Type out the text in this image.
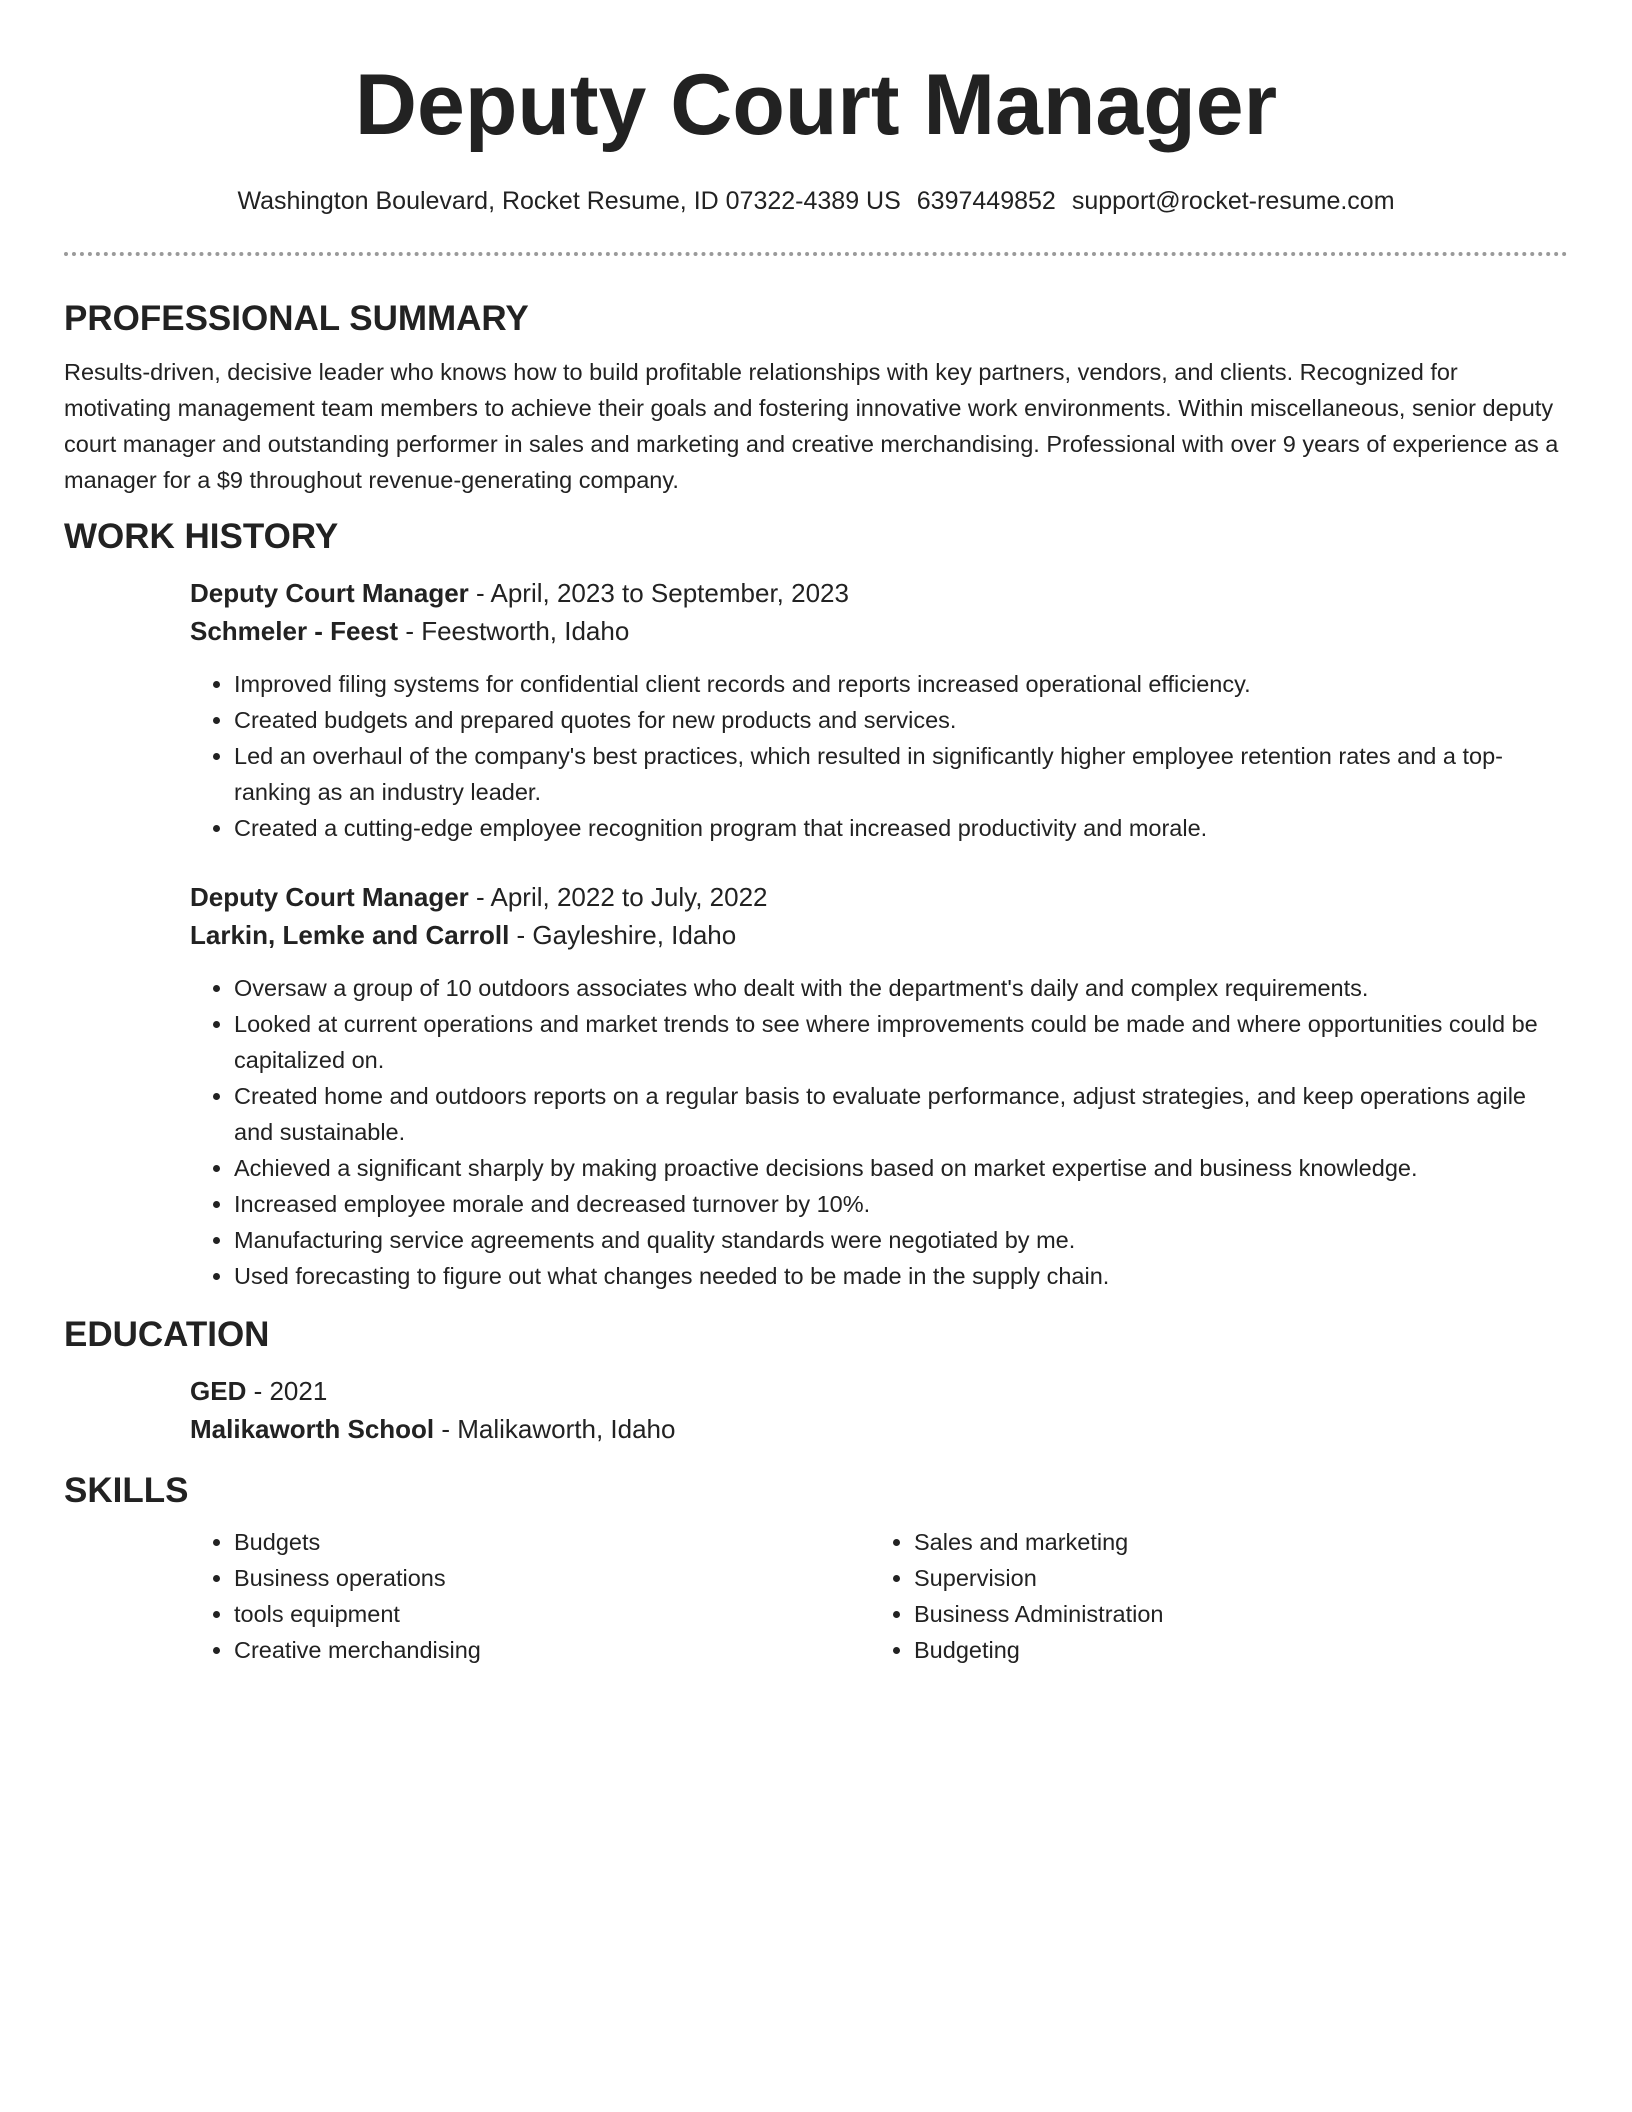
Deputy Court Manager
Washington Boulevard, Rocket Resume, ID 07322-4389 US 6397449852 support@rocket-resume.com
PROFESSIONAL SUMMARY

Results-driven, decisive leader who knows how to build profitable relationships with key partners, vendors, and clients. Recognized for motivating management team members to achieve their goals and fostering innovative work environments. Within miscellaneous, senior deputy court manager and outstanding performer in sales and marketing and creative merchandising. Professional with over 9 years of experience as a manager for a $9 throughout revenue-generating company.

WORK HISTORY

Deputy Court Manager - April, 2023 to September, 2023

Schmeler - Feest - Feestworth, Idaho

• Improved filing systems for confidential client records and reports increased operational efficiency.
• Created budgets and prepared quotes for new products and services.
• Led an overhaul of the company's best practices, which resulted in significantly higher employee retention rates and a top-ranking as an industry leader.
• Created a cutting-edge employee recognition program that increased productivity and morale.

Deputy Court Manager - April, 2022 to July, 2022

Larkin, Lemke and Carroll - Gayleshire, Idaho

• Oversaw a group of 10 outdoors associates who dealt with the department's daily and complex requirements.
• Looked at current operations and market trends to see where improvements could be made and where opportunities could be capitalized on.
• Created home and outdoors reports on a regular basis to evaluate performance, adjust strategies, and keep operations agile and sustainable.
• Achieved a significant sharply by making proactive decisions based on market expertise and business knowledge.
• Increased employee morale and decreased turnover by 10%.
• Manufacturing service agreements and quality standards were negotiated by me.
• Used forecasting to figure out what changes needed to be made in the supply chain.
EDUCATION

GED - 2021

Malikaworth School - Malikaworth, Idaho

SKILLS
• Budgets
• Business operations
• tools equipment
• Creative merchandising
• Sales and marketing
• Supervision
• Business Administration
• Budgeting
